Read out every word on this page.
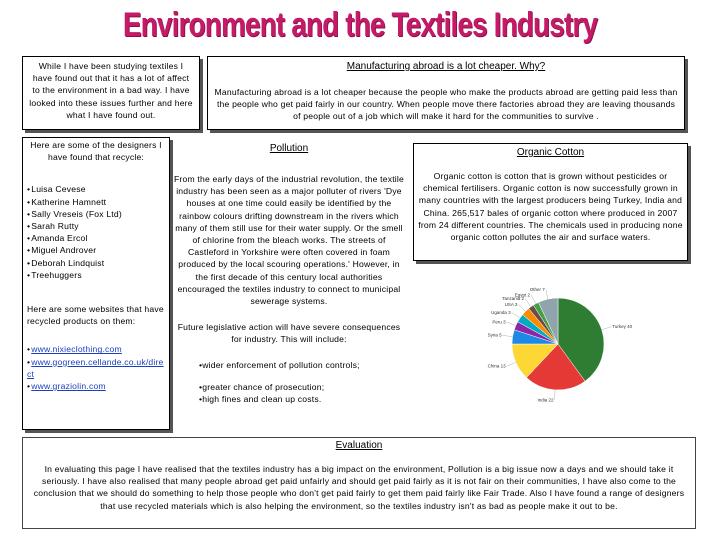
Environment and the Textiles Industry
While I have been studying textiles I have found out that it has a lot of affect to the environment in a bad way. I have looked into these issues further and here what I have found out.
Here are some of the designers I have found that recycle:
• Luisa Cevese
• Katherine Hamnett
• Sally Vreseis (Fox Ltd)
• Sarah Rutty
• Amanda Ercol
• Miguel Androver
• Deborah Lindquist
• Treehuggers
Here are some websites that have recycled products on them:
• www.nixieclothing.com
• www.gogreen.cellande.co.uk/direct
• www.graziolin.com
Manufacturing abroad is a lot cheaper. Why?
Manufacturing abroad is a lot cheaper because the people who make the products abroad are getting paid less than the people who get paid fairly in our country. When people move there factories abroad they are leaving thousands of people out of a job which will make it hard for the communities to survive .
Pollution
From the early days of the industrial revolution, the textile industry has been seen as a major polluter of rivers 'Dye houses at one time could easily be identified by the rainbow colours drifting downstream in the rivers which many of them still use for their water supply. Or the smell of chlorine from the bleach works. The streets of Castleford in Yorkshire were often covered in foam produced by the local scouring operations.' However, in the first decade of this century local authorities encouraged the textiles industry to connect to municipal sewerage systems.
Future legislative action will have severe consequences for industry. This will include:
•wider enforcement of pollution controls;
•greater chance of prosecution;
•high fines and clean up costs.
Organic Cotton
Organic cotton is cotton that is grown without pesticides or chemical fertilisers. Organic cotton is now successfully grown in many countries with the largest producers being Turkey, India and China. 265,517 bales of organic cotton where produced in 2007 from 24 different countries. The chemicals used in producing none organic cotton pollutes the air and surface waters.
Turkey 40
India 22
China 13
Syria 5
Peru 3
Uganda 3
USA 3
Tanzania 2
Egypt 2
Other 7
Evaluation
In evaluating this page I have realised that the textiles industry has a big impact on the environment, Pollution is a big issue now a days and we should take it seriously. I have also realised that many people abroad get paid unfairly and should get paid fairly as it is not fair on their communities, I have also come to the conclusion that we should do something to help those people who don't get paid fairly to get them paid fairly like Fair Trade. Also I have found a range of designers that use recycled materials which is also helping the environment, so the textiles industry isn't as bad as people make it out to be.
